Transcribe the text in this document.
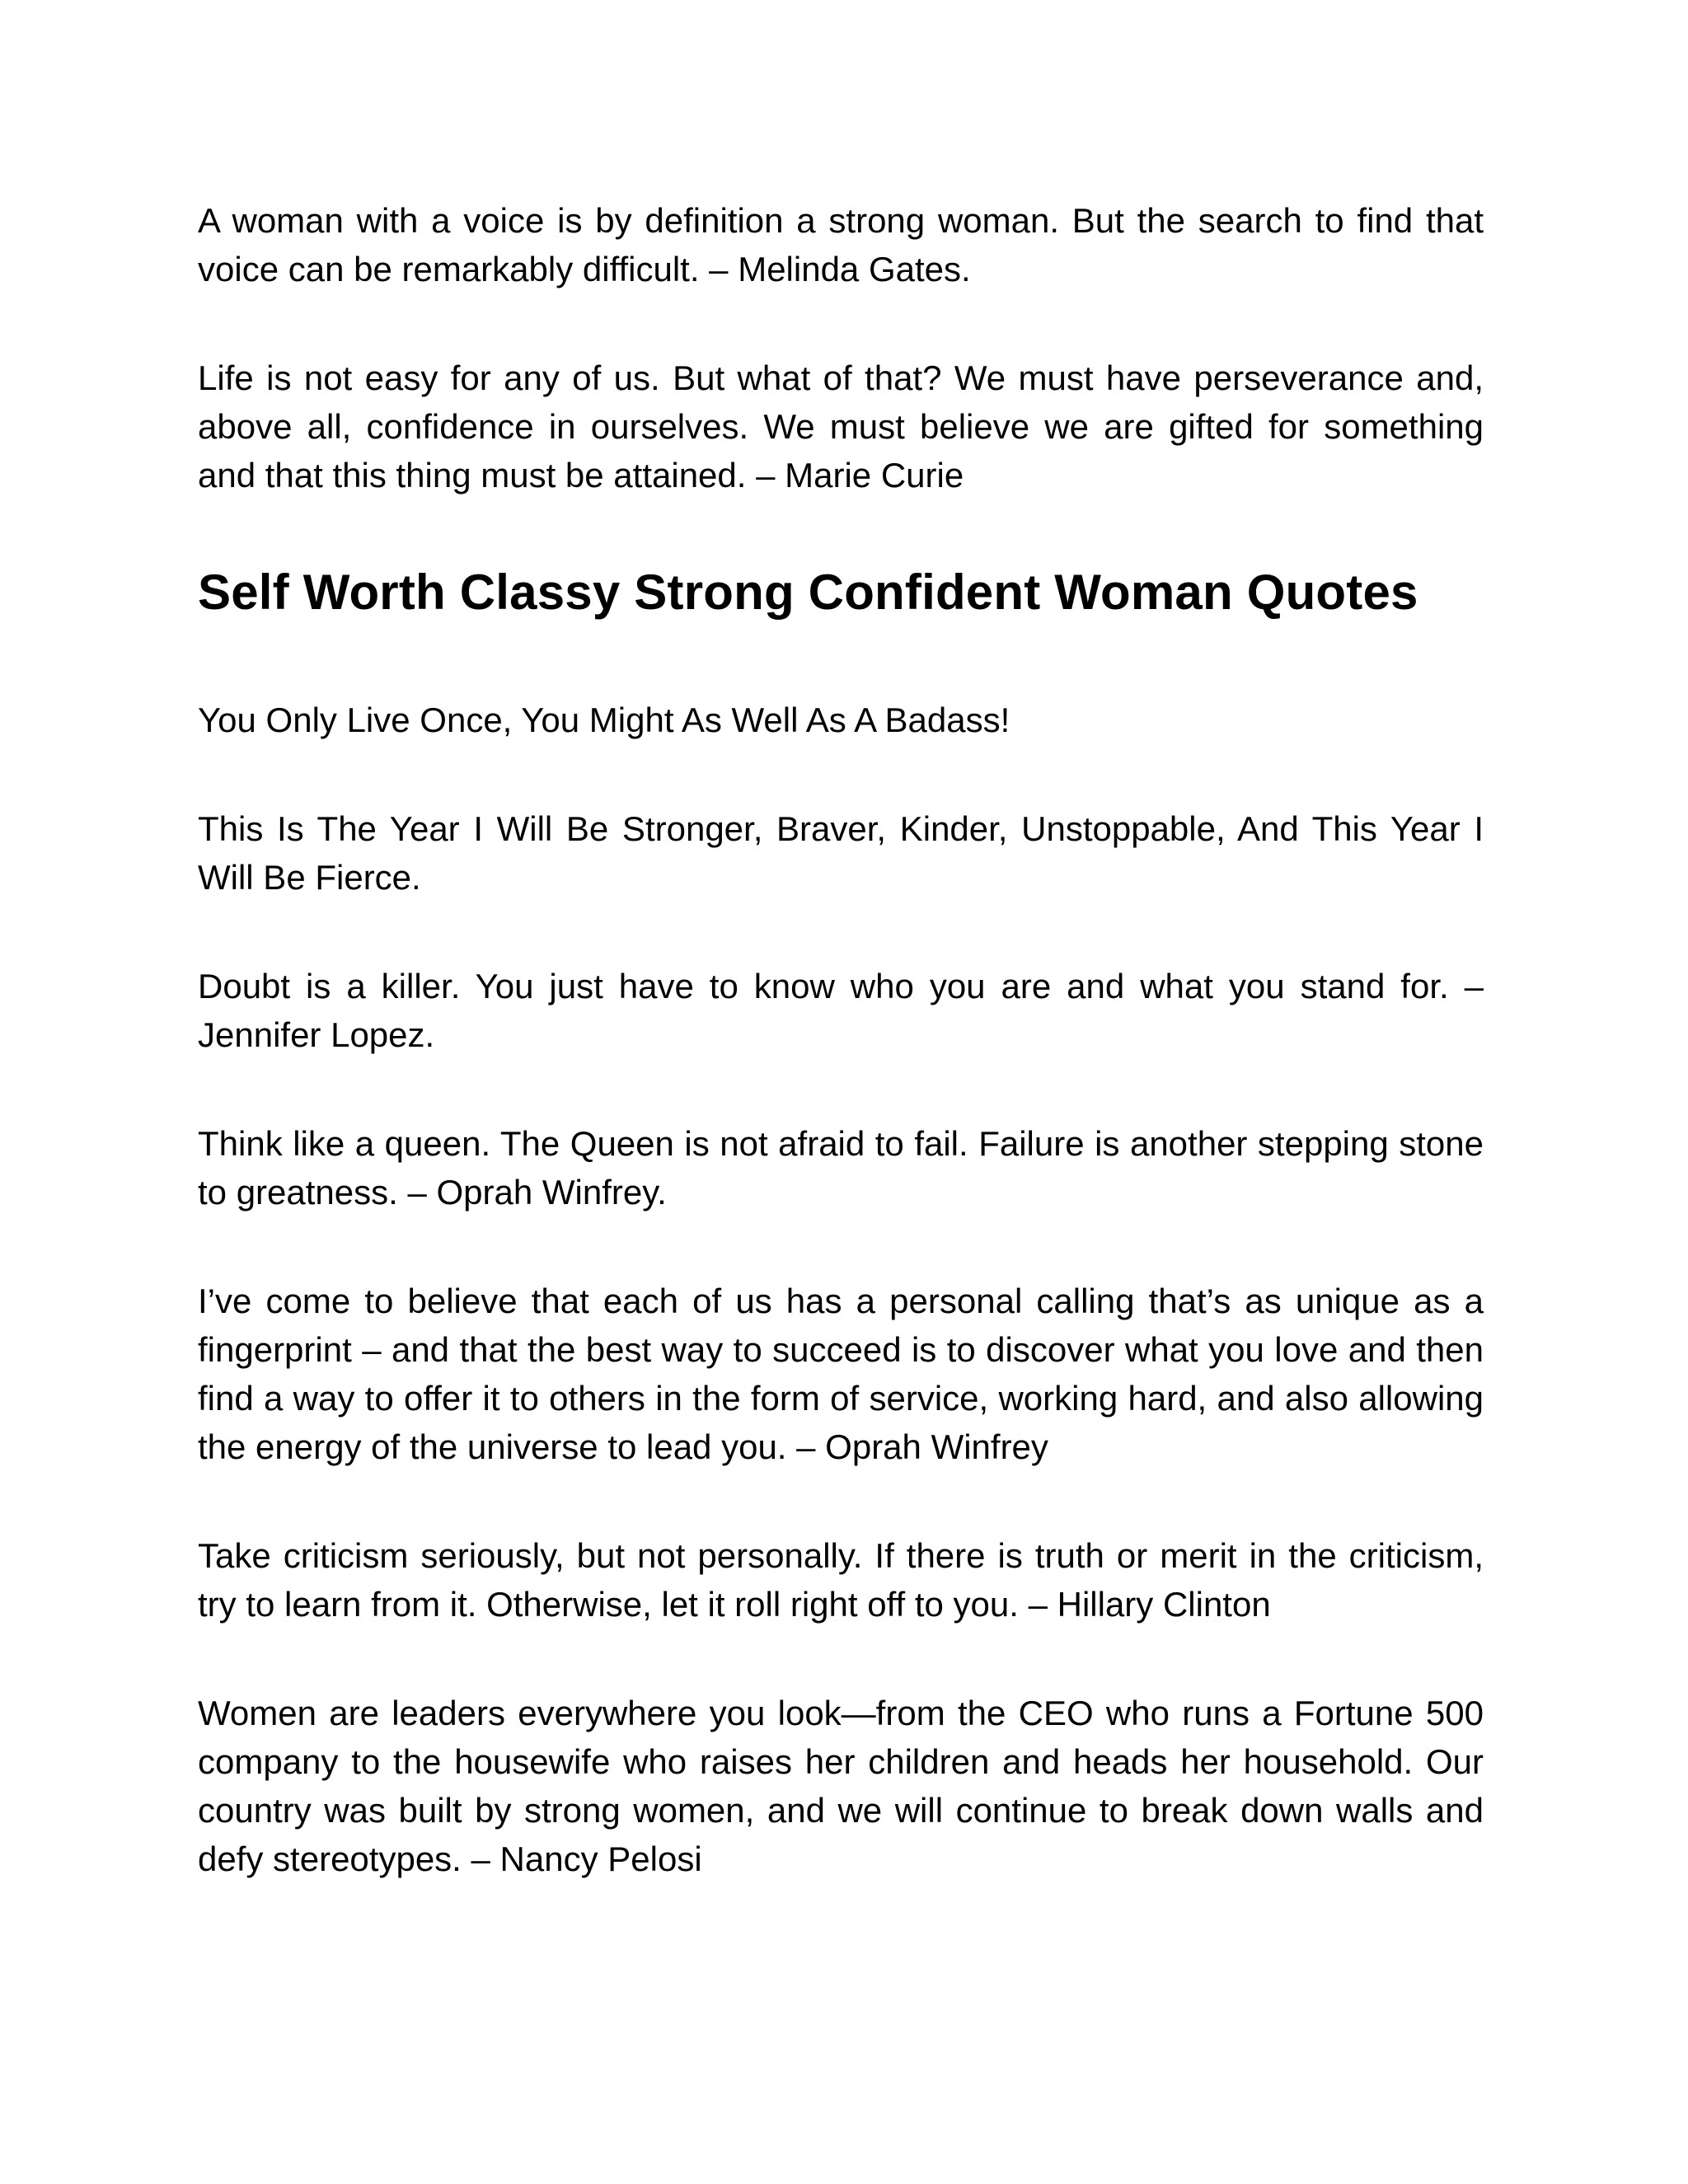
A woman with a voice is by definition a strong woman. But the search to find that voice can be remarkably difficult. – Melinda Gates.

Life is not easy for any of us. But what of that? We must have perseverance and, above all, confidence in ourselves. We must believe we are gifted for something and that this thing must be attained. – Marie Curie

Self Worth Classy Strong Confident Woman Quotes

You Only Live Once, You Might As Well As A Badass!

This Is The Year I Will Be Stronger, Braver, Kinder, Unstoppable, And This Year I Will Be Fierce.

Doubt is a killer. You just have to know who you are and what you stand for. – Jennifer Lopez.

Think like a queen. The Queen is not afraid to fail. Failure is another stepping stone to greatness. – Oprah Winfrey.

I’ve come to believe that each of us has a personal calling that’s as unique as a fingerprint – and that the best way to succeed is to discover what you love and then find a way to offer it to others in the form of service, working hard, and also allowing the energy of the universe to lead you. – Oprah Winfrey

Take criticism seriously, but not personally. If there is truth or merit in the criticism, try to learn from it. Otherwise, let it roll right off to you. – Hillary Clinton

Women are leaders everywhere you look—from the CEO who runs a Fortune 500 company to the housewife who raises her children and heads her household. Our country was built by strong women, and we will continue to break down walls and defy stereotypes. – Nancy Pelosi
